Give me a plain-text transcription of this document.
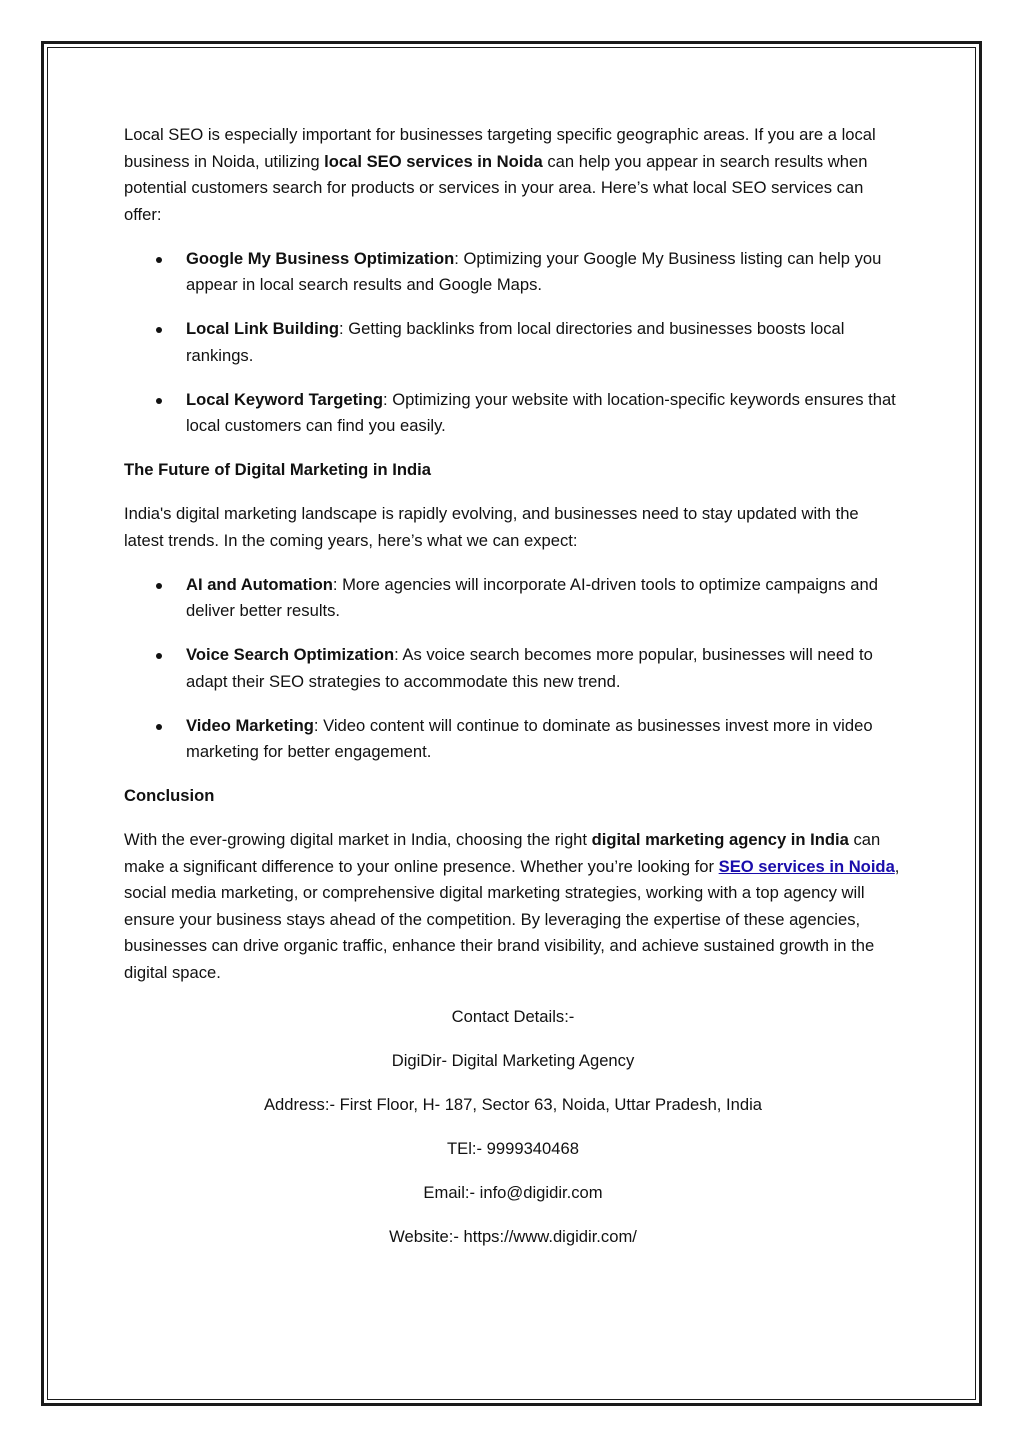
Local SEO is especially important for businesses targeting specific geographic areas. If you are a local business in Noida, utilizing local SEO services in Noida can help you appear in search results when potential customers search for products or services in your area. Here’s what local SEO services can offer:

Google My Business Optimization: Optimizing your Google My Business listing can help you appear in local search results and Google Maps.
Local Link Building: Getting backlinks from local directories and businesses boosts local rankings.
Local Keyword Targeting: Optimizing your website with location-specific keywords ensures that local customers can find you easily.

The Future of Digital Marketing in India

India's digital marketing landscape is rapidly evolving, and businesses need to stay updated with the latest trends. In the coming years, here’s what we can expect:

AI and Automation: More agencies will incorporate AI-driven tools to optimize campaigns and deliver better results.
Voice Search Optimization: As voice search becomes more popular, businesses will need to adapt their SEO strategies to accommodate this new trend.
Video Marketing: Video content will continue to dominate as businesses invest more in video marketing for better engagement.

Conclusion

With the ever-growing digital market in India, choosing the right digital marketing agency in India can make a significant difference to your online presence. Whether you’re looking for SEO services in Noida, social media marketing, or comprehensive digital marketing strategies, working with a top agency will ensure your business stays ahead of the competition. By leveraging the expertise of these agencies, businesses can drive organic traffic, enhance their brand visibility, and achieve sustained growth in the digital space.

Contact Details:-
DigiDir- Digital Marketing Agency
Address:- First Floor, H- 187, Sector 63, Noida, Uttar Pradesh, India
TEl:- 9999340468
Email:- info@digidir.com
Website:- https://www.digidir.com/
